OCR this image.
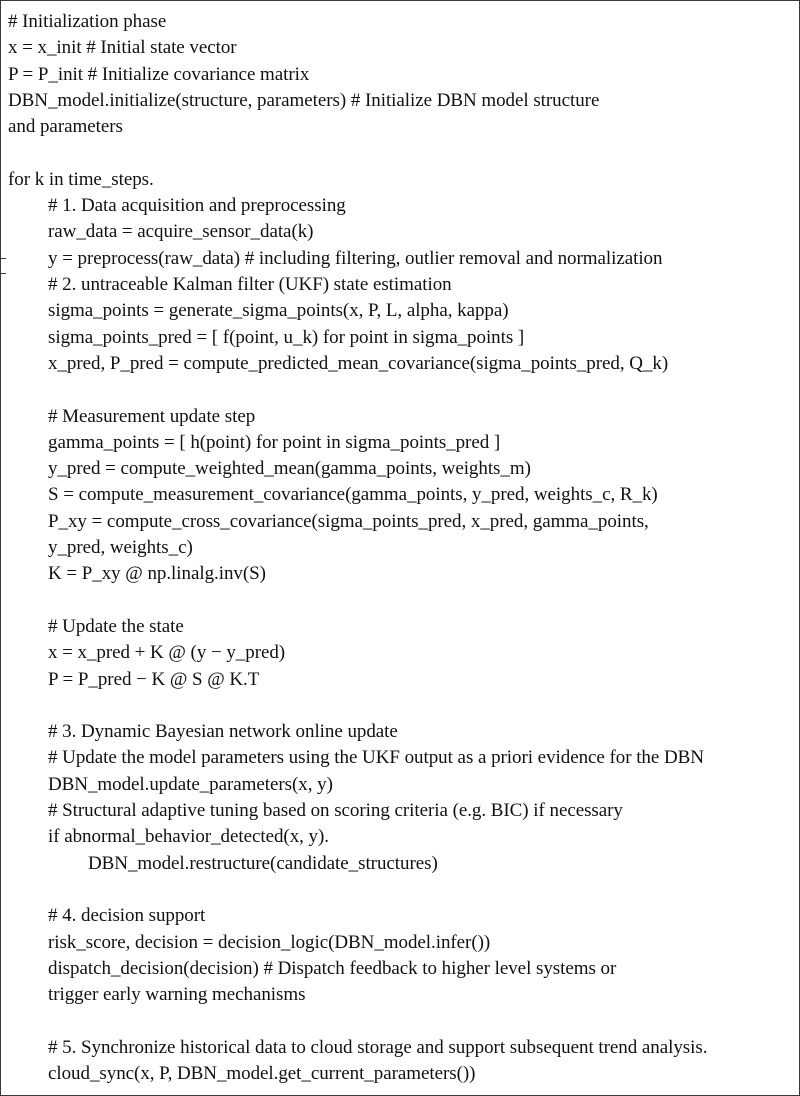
# Initialization phase
x = x_init # Initial state vector
P = P_init # Initialize covariance matrix
DBN_model.initialize(structure, parameters) # Initialize DBN model structure
and parameters
for k in time_steps.
# 1. Data acquisition and preprocessing
raw_data = acquire_sensor_data(k)
y = preprocess(raw_data) # including filtering, outlier removal and normalization
# 2. untraceable Kalman filter (UKF) state estimation
sigma_points = generate_sigma_points(x, P, L, alpha, kappa)
sigma_points_pred = [ f(point, u_k) for point in sigma_points ]
x_pred, P_pred = compute_predicted_mean_covariance(sigma_points_pred, Q_k)
# Measurement update step
gamma_points = [ h(point) for point in sigma_points_pred ]
y_pred = compute_weighted_mean(gamma_points, weights_m)
S = compute_measurement_covariance(gamma_points, y_pred, weights_c, R_k)
P_xy = compute_cross_covariance(sigma_points_pred, x_pred, gamma_points,
y_pred, weights_c)
K = P_xy @ np.linalg.inv(S)
# Update the state
x = x_pred + K @ (y − y_pred)
P = P_pred − K @ S @ K.T
# 3. Dynamic Bayesian network online update
# Update the model parameters using the UKF output as a priori evidence for the DBN
DBN_model.update_parameters(x, y)
# Structural adaptive tuning based on scoring criteria (e.g. BIC) if necessary
if abnormal_behavior_detected(x, y).
DBN_model.restructure(candidate_structures)
# 4. decision support
risk_score, decision = decision_logic(DBN_model.infer())
dispatch_decision(decision) # Dispatch feedback to higher level systems or
trigger early warning mechanisms
# 5. Synchronize historical data to cloud storage and support subsequent trend analysis.
cloud_sync(x, P, DBN_model.get_current_parameters())
